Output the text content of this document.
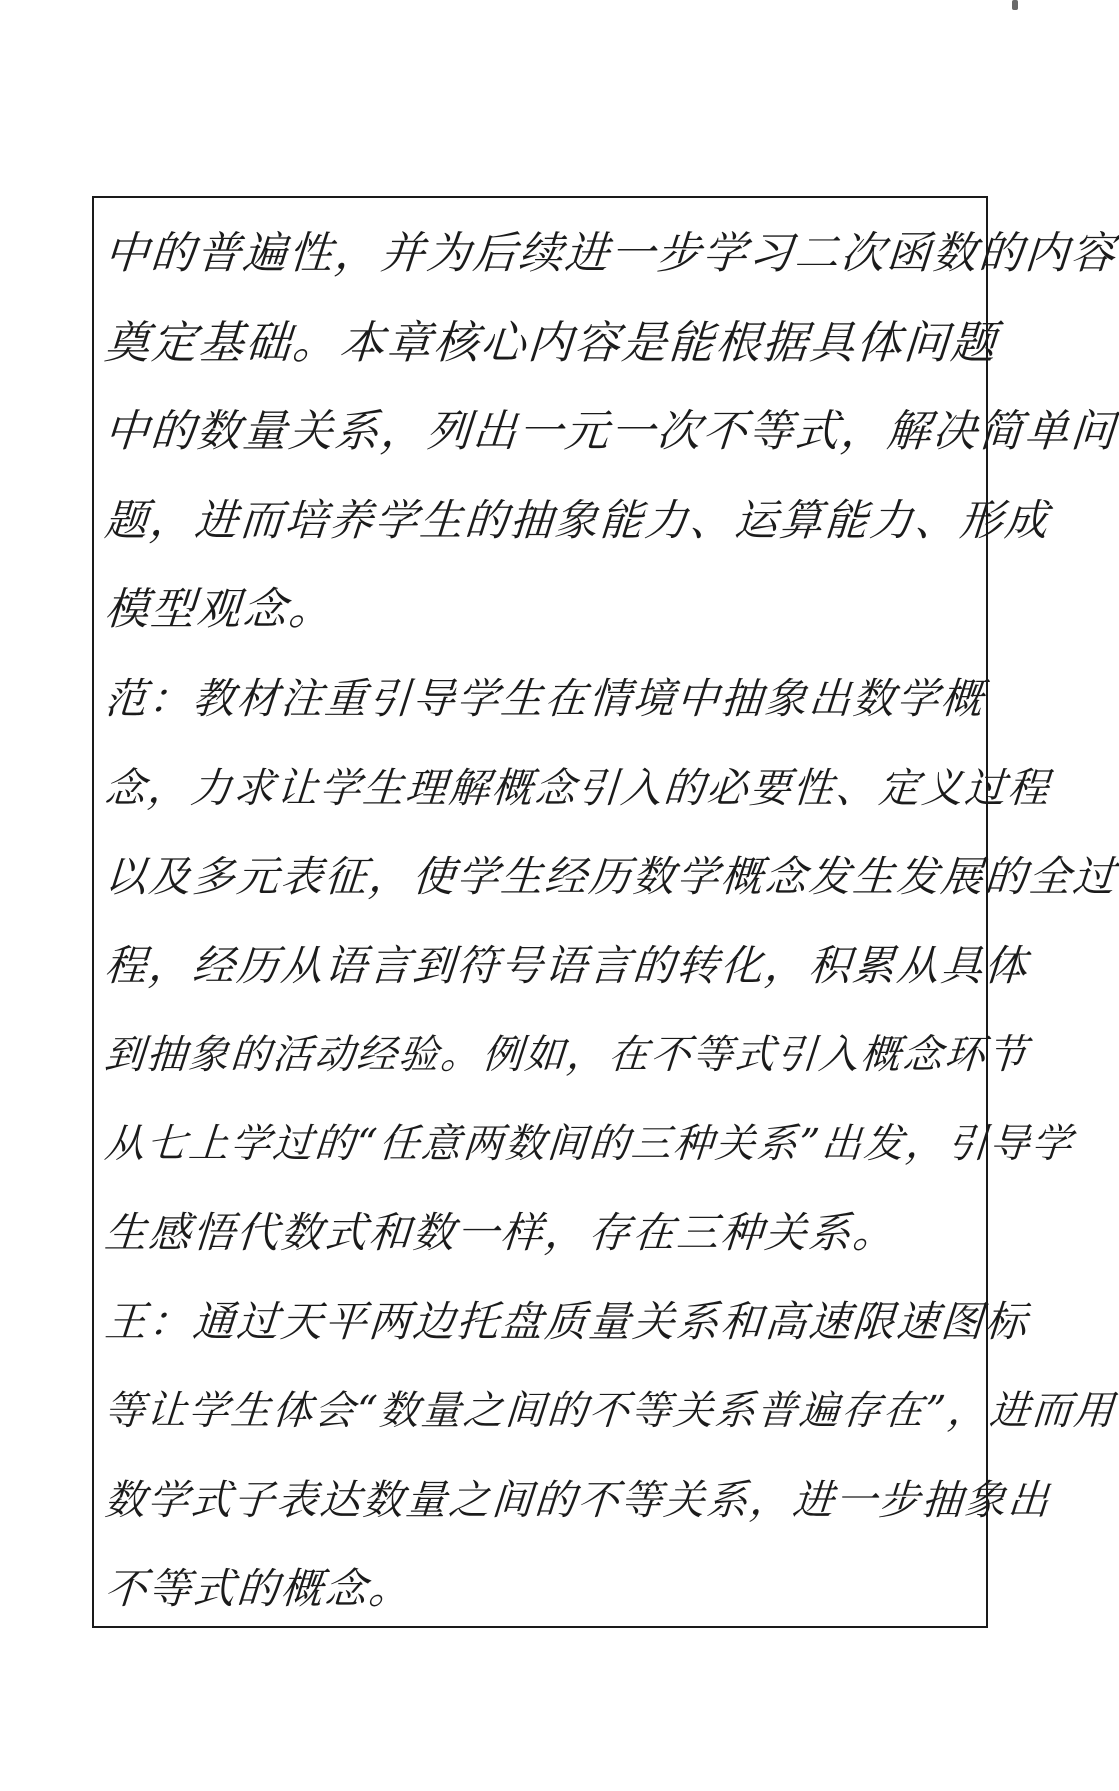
中的普遍性，并为后续进一步学习二次函数的内容
奠定基础。本章核心内容是能根据具体问题
中的数量关系，列出一元一次不等式，解决简单问
题，进而培养学生的抽象能力、运算能力、形成
模型观念。
范：教材注重引导学生在情境中抽象出数学概
念，力求让学生理解概念引入的必要性、定义过程
以及多元表征，使学生经历数学概念发生发展的全过
程，经历从语言到符号语言的转化，积累从具体
到抽象的活动经验。例如，在不等式引入概念环节
从七上学过的“任意两数间的三种关系”出发，引导学
生感悟代数式和数一样，存在三种关系。
王：通过天平两边托盘质量关系和高速限速图标
等让学生体会“数量之间的不等关系普遍存在”，进而用
数学式子表达数量之间的不等关系，进一步抽象出
不等式的概念。
